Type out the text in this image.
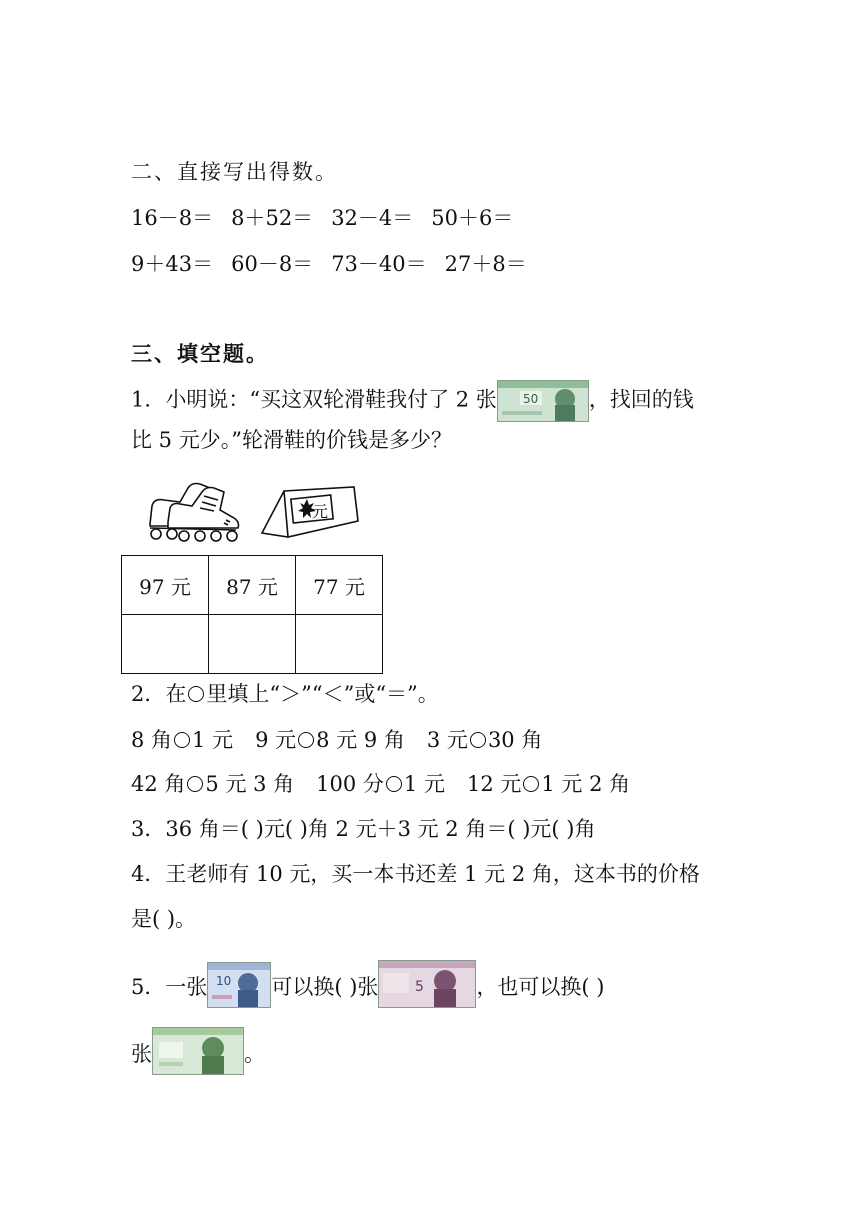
二、直接写出得数。
16－8＝ 8＋52＝ 32－4＝ 50＋6＝
9＋43＝ 60－8＝ 73－40＝ 27＋8＝
三、填空题。
1．小明说：“买这双轮滑鞋我付了 2 张 50 ，找回的钱
比 5 元少。”轮滑鞋的价钱是多少？
元
97 元	87 元	77 元

2．在 里填上“＞”“＜”或“＝”。
8 角 1 元 9 元 8 元 9 角 3 元 30 角
42 角 5 元 3 角 100 分 1 元 12 元 1 元 2 角
3．36 角＝( )元( )角 2 元＋3 元 2 角＝( )元( )角
4．王老师有 10 元，买一本书还差 1 元 2 角，这本书的价格
是( )。
5．一张 10 可以换( )张	5 ，也可以换( )
张	。
